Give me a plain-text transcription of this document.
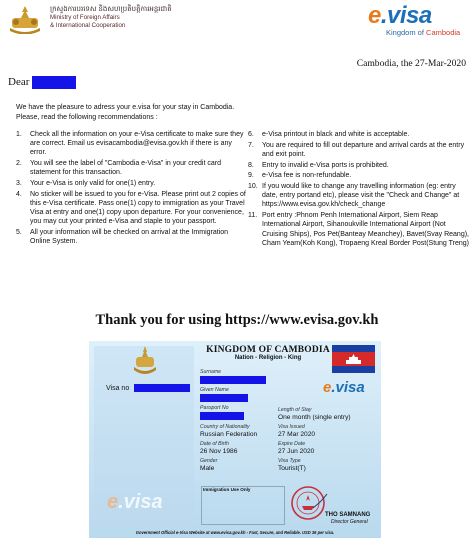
ក្រសួងការបរទេស និងសហប្រតិបត្តិការអន្តរជាតិ
Ministry of Foreign Affairs
& International Cooperation	e.visa
Kingdom of Cambodia
Cambodia, the 27-Mar-2020
Dear
We have the pleasure to adress your e.visa for your stay in Cambodia.
Please, read the following recommendations :
1.	Check all the information on your e-Visa certificate to make sure they are correct. Email us evisacambodia@evisa.gov.kh if there is any error.
2.	You will see the label of "Cambodia e-Visa" in your credit card statement for this transaction.
3.	Your e-Visa is only valid for one(1) entry.
4.	No sticker will be issued to you for e-Visa. Please print out 2 copies of this e-Visa certificate. Pass one(1) copy to immigration as your Travel Visa at entry and one(1) copy upon departure. For your convenience, you may cut your printed e-Visa and staple to your passport.
5.	All your information will be checked on arrival at the Immigration Online System.
6.	e-Visa printout in black and white is acceptable.
7.	You are required to fill out departure and arrival cards at the entry and exit point.
8.	Entry to invalid e-Visa ports is prohibited.
9.	e-Visa fee is non-refundable.
10. If you would like to change any travelling information (eg: entry date, entry portand etc), please visit the "Check and Change" at https://www.evisa.gov.kh/check_change
11. Port entry :Phnom Penh International Airport, Siem Reap International Airport, Sihanoukville International Airport (Not Cruising Ships), Pos Pet(Banteay Meanchey), Bavet(Svay Reang), Cham Yeam(Koh Kong), Tropaeng Kreal Border Post(Stung Treng)
Thank you for using https://www.evisa.gov.kh
Visa no
e.visa
KINGDOM OF CAMBODIA
Nation - Religion - King
e.visa
Surname
Given Name
Passport No
Country of Nationality
Russian Federation
Date of Birth
26 Nov 1986
Gender
Male
Length of Stay
One month (single entry)
Visa Issued
27 Mar 2020
Expire Date
27 Jun 2020
Visa Type
Tourist(T)
Immigration Use Only
THO SAMNANG
Director General
Government Official e-Visa Website at www.evisa.gov.kh - Fast, Secure, and Reliable. USD 36 per visa.
